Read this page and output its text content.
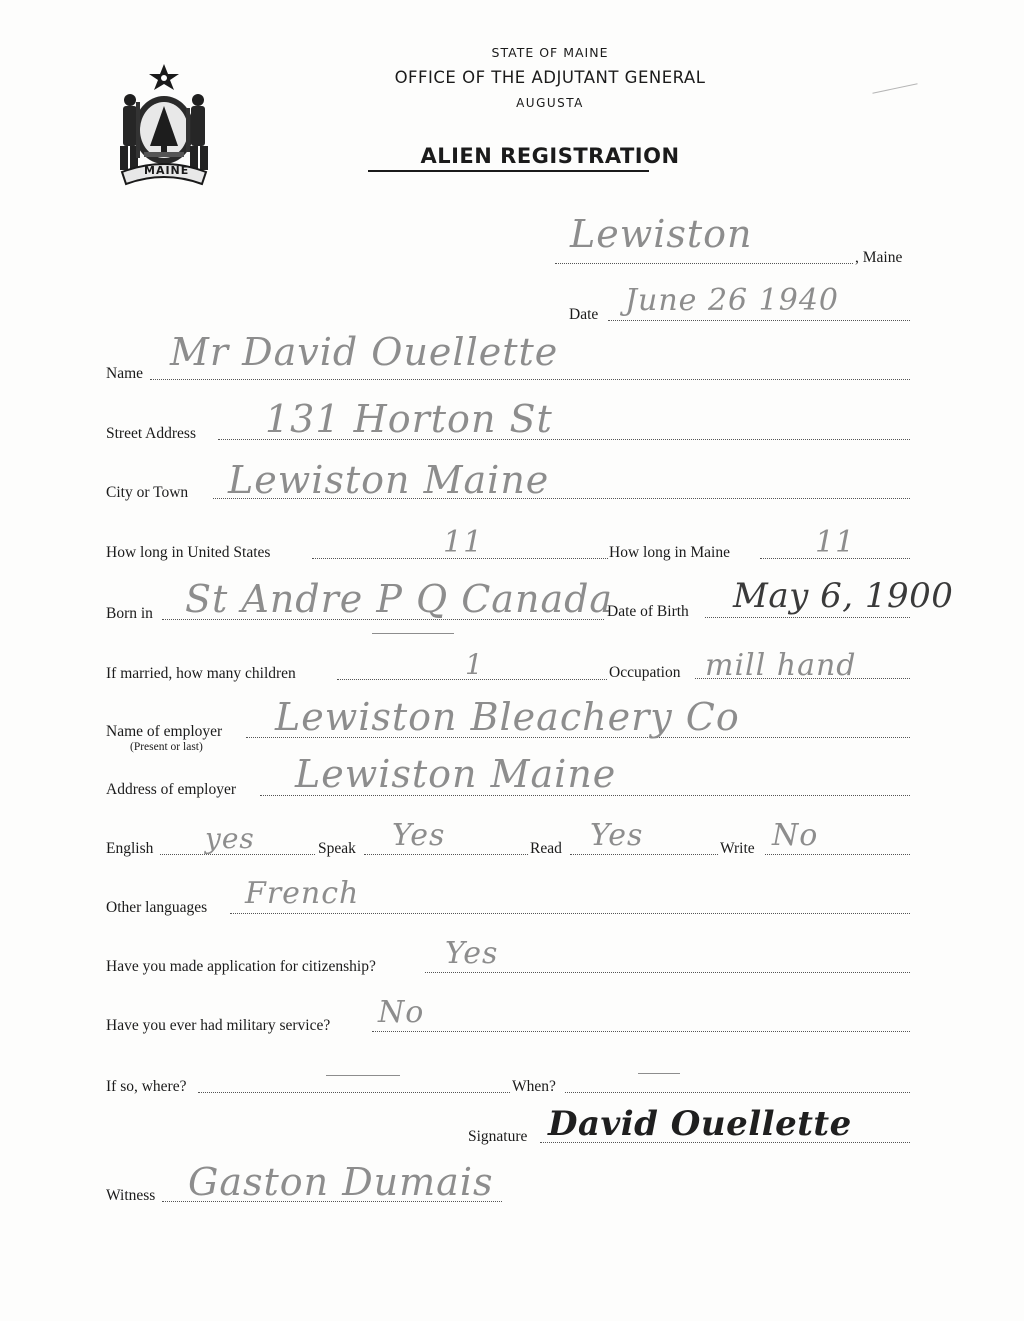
MAINE
STATE OF MAINE
OFFICE OF THE ADJUTANT GENERAL
AUGUSTA
ALIEN REGISTRATION
Lewiston
, Maine
Date June 26 1940
Name Mr David Ouellette
Street Address 131 Horton St
City or Town Lewiston Maine
How long in United States	11	How long in Maine	11
Born in St Andre P Q Canada
Date of Birth May 6, 1900
If married, how many children	1	Occupation mill hand
Name of employer
(Present or last)
Lewiston Bleachery Co
Address of employer Lewiston Maine
English yes	Speak Yes	Read Yes	Write No
Other languages French
Have you made application for citizenship? Yes
Have you ever had military service? No
If so, where?	When?
Signature David Ouellette
Witness Gaston Dumais
